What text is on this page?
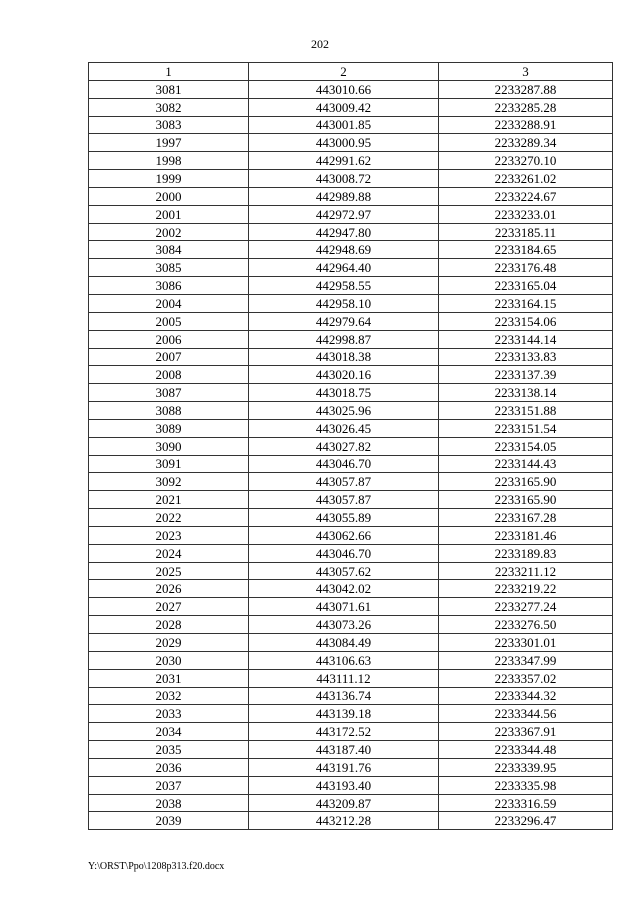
202
1	2	3
3081	443010.66	2233287.88
3082	443009.42	2233285.28
3083	443001.85	2233288.91
1997	443000.95	2233289.34
1998	442991.62	2233270.10
1999	443008.72	2233261.02
2000	442989.88	2233224.67
2001	442972.97	2233233.01
2002	442947.80	2233185.11
3084	442948.69	2233184.65
3085	442964.40	2233176.48
3086	442958.55	2233165.04
2004	442958.10	2233164.15
2005	442979.64	2233154.06
2006	442998.87	2233144.14
2007	443018.38	2233133.83
2008	443020.16	2233137.39
3087	443018.75	2233138.14
3088	443025.96	2233151.88
3089	443026.45	2233151.54
3090	443027.82	2233154.05
3091	443046.70	2233144.43
3092	443057.87	2233165.90
2021	443057.87	2233165.90
2022	443055.89	2233167.28
2023	443062.66	2233181.46
2024	443046.70	2233189.83
2025	443057.62	2233211.12
2026	443042.02	2233219.22
2027	443071.61	2233277.24
2028	443073.26	2233276.50
2029	443084.49	2233301.01
2030	443106.63	2233347.99
2031	443111.12	2233357.02
2032	443136.74	2233344.32
2033	443139.18	2233344.56
2034	443172.52	2233367.91
2035	443187.40	2233344.48
2036	443191.76	2233339.95
2037	443193.40	2233335.98
2038	443209.87	2233316.59
2039	443212.28	2233296.47
Y:\ORST\Ppo\1208p313.f20.docx
